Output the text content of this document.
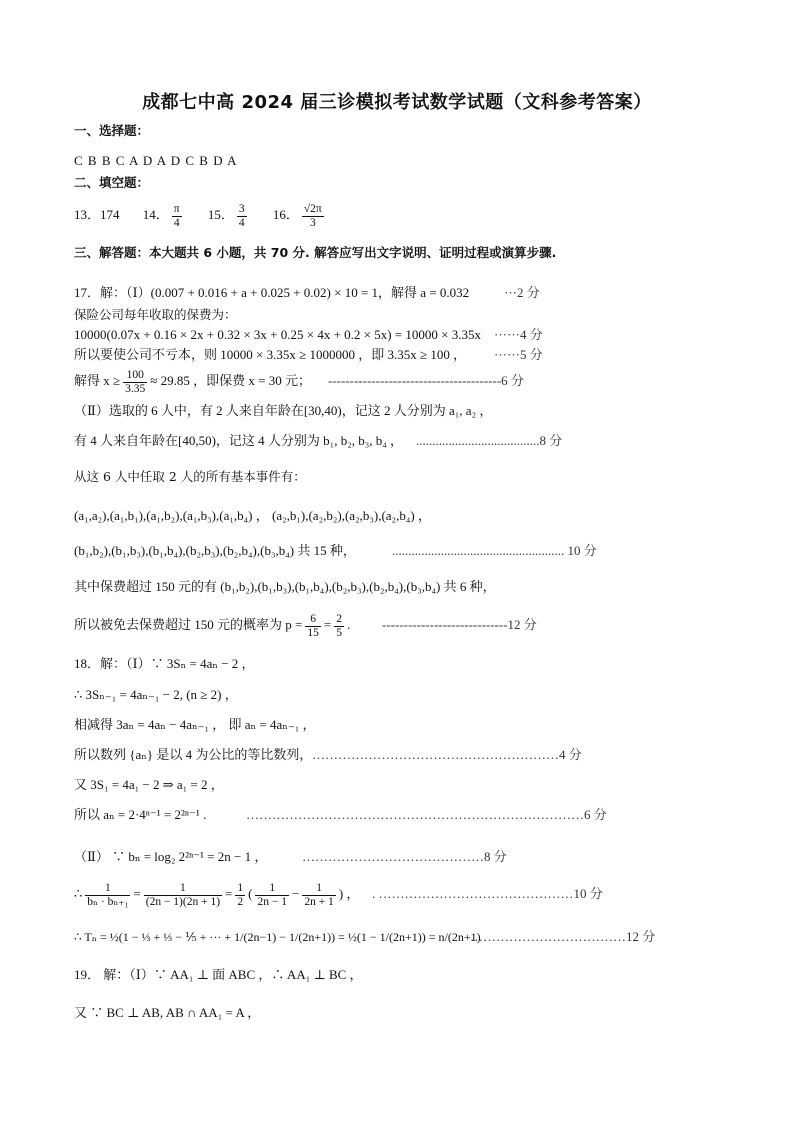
成都七中高 2024 届三诊模拟考试数学试题（文科参考答案）
一、选择题：
C B B C A D A D C B D A
二、填空题：
13．174 14． $\frac{\pi}{4} 15$． $\frac{3}{4} 16$． $\frac{√2\pi}{3}$
三、解答题：本大题共 6 小题，共 70 分. 解答应写出文字说明、证明过程或演算步骤.
17．解：（Ⅰ）(0.007 + 0.016 + a + 0.025 + 0.02) × 10 = 1，解得 a = 0.032	···2 分
保险公司每年收取的保费为：
10000(0.07x + 0.16 × 2x + 0.32 × 3x + 0.25 × 4x + 0.2 × 5x) = 10000 × 3.35x ······4 分
所以要使公司不亏本，则 10000 × 3.35x ≥ 1000000 ，即 3.35x ≥ 100 ， ······5 分
解得 $x \ge \frac{100}{3.35} \approx 29.85$ ，即保费 x = 30 元； ----------------------------------------6 分
（Ⅱ）选取的 6 人中，有 2 人来自年龄在[30,40)，记这 2 人分别为 a₁, a₂ ，
有 4 人来自年龄在[40,50)，记这 4 人分别为 b₁, b₂, b₃, b₄ ， ......................................8 分
从这 6 人中任取 2 人的所有基本事件有：
(a₁,a₂),(a₁,b₁),(a₁,b₂),(a₁,b₃),(a₁,b₄) ， (a₂,b₁),(a₂,b₂),(a₂,b₃),(a₂,b₄) ，
(b₁,b₂),(b₁,b₃),(b₁,b₄),(b₂,b₃),(b₂,b₄),(b₃,b₄) 共 15 种，	..................................................... 10 分
其中保费超过 150 元的有 (b₁,b₂),(b₁,b₃),(b₁,b₄),(b₂,b₃),(b₂,b₄),(b₃,b₄) 共 6 种，
所以被免去保费超过 150 元的概率为 $p = \frac{6}{15} = \frac{2}{5}$ . -----------------------------12 分
18．解：（Ⅰ）∵ 3Sₙ = 4aₙ − 2 ，
∴ 3Sₙ₋₁ = 4aₙ₋₁ − 2, (n ≥ 2) ，
相减得 3aₙ = 4aₙ − 4aₙ₋₁ ， 即 aₙ = 4aₙ₋₁ ，
所以数列 {aₙ} 是以 4 为公比的等比数列， …………………………………………………4 分
又 3S₁ = 4a₁ − 2 ⇒ a₁ = 2 ，
所以 aₙ = 2·4ⁿ⁻¹ = 2²ⁿ⁻¹ .	……………………………………………………………………6 分
（Ⅱ） ∵ bₙ = log₂ 2²ⁿ⁻¹ = 2n − 1 ，	……………………………………8 分
∴ $\frac{1}{\text{bₙ · bₙ₊₁}} = \frac{1}{(2n - 1)(2n + 1)} = \frac{1}{2}$ ( $\frac{1}{2n - 1} - \frac{1}{2n + 1}$ ) ， . ………………………………………10 分
∴ Tₙ = ½(1 − ⅓ + ⅓ − ⅕ + ··· + 1/(2n−1) − 1/(2n+1)) = ½(1 − 1/(2n+1)) = n/(2n+1) .
………………………………12 分
19． 解：（Ⅰ）∵ AA₁ ⊥ 面 ABC ，∴ AA₁ ⊥ BC ，
又 ∵ BC ⊥ AB, AB ∩ AA₁ = A ，
